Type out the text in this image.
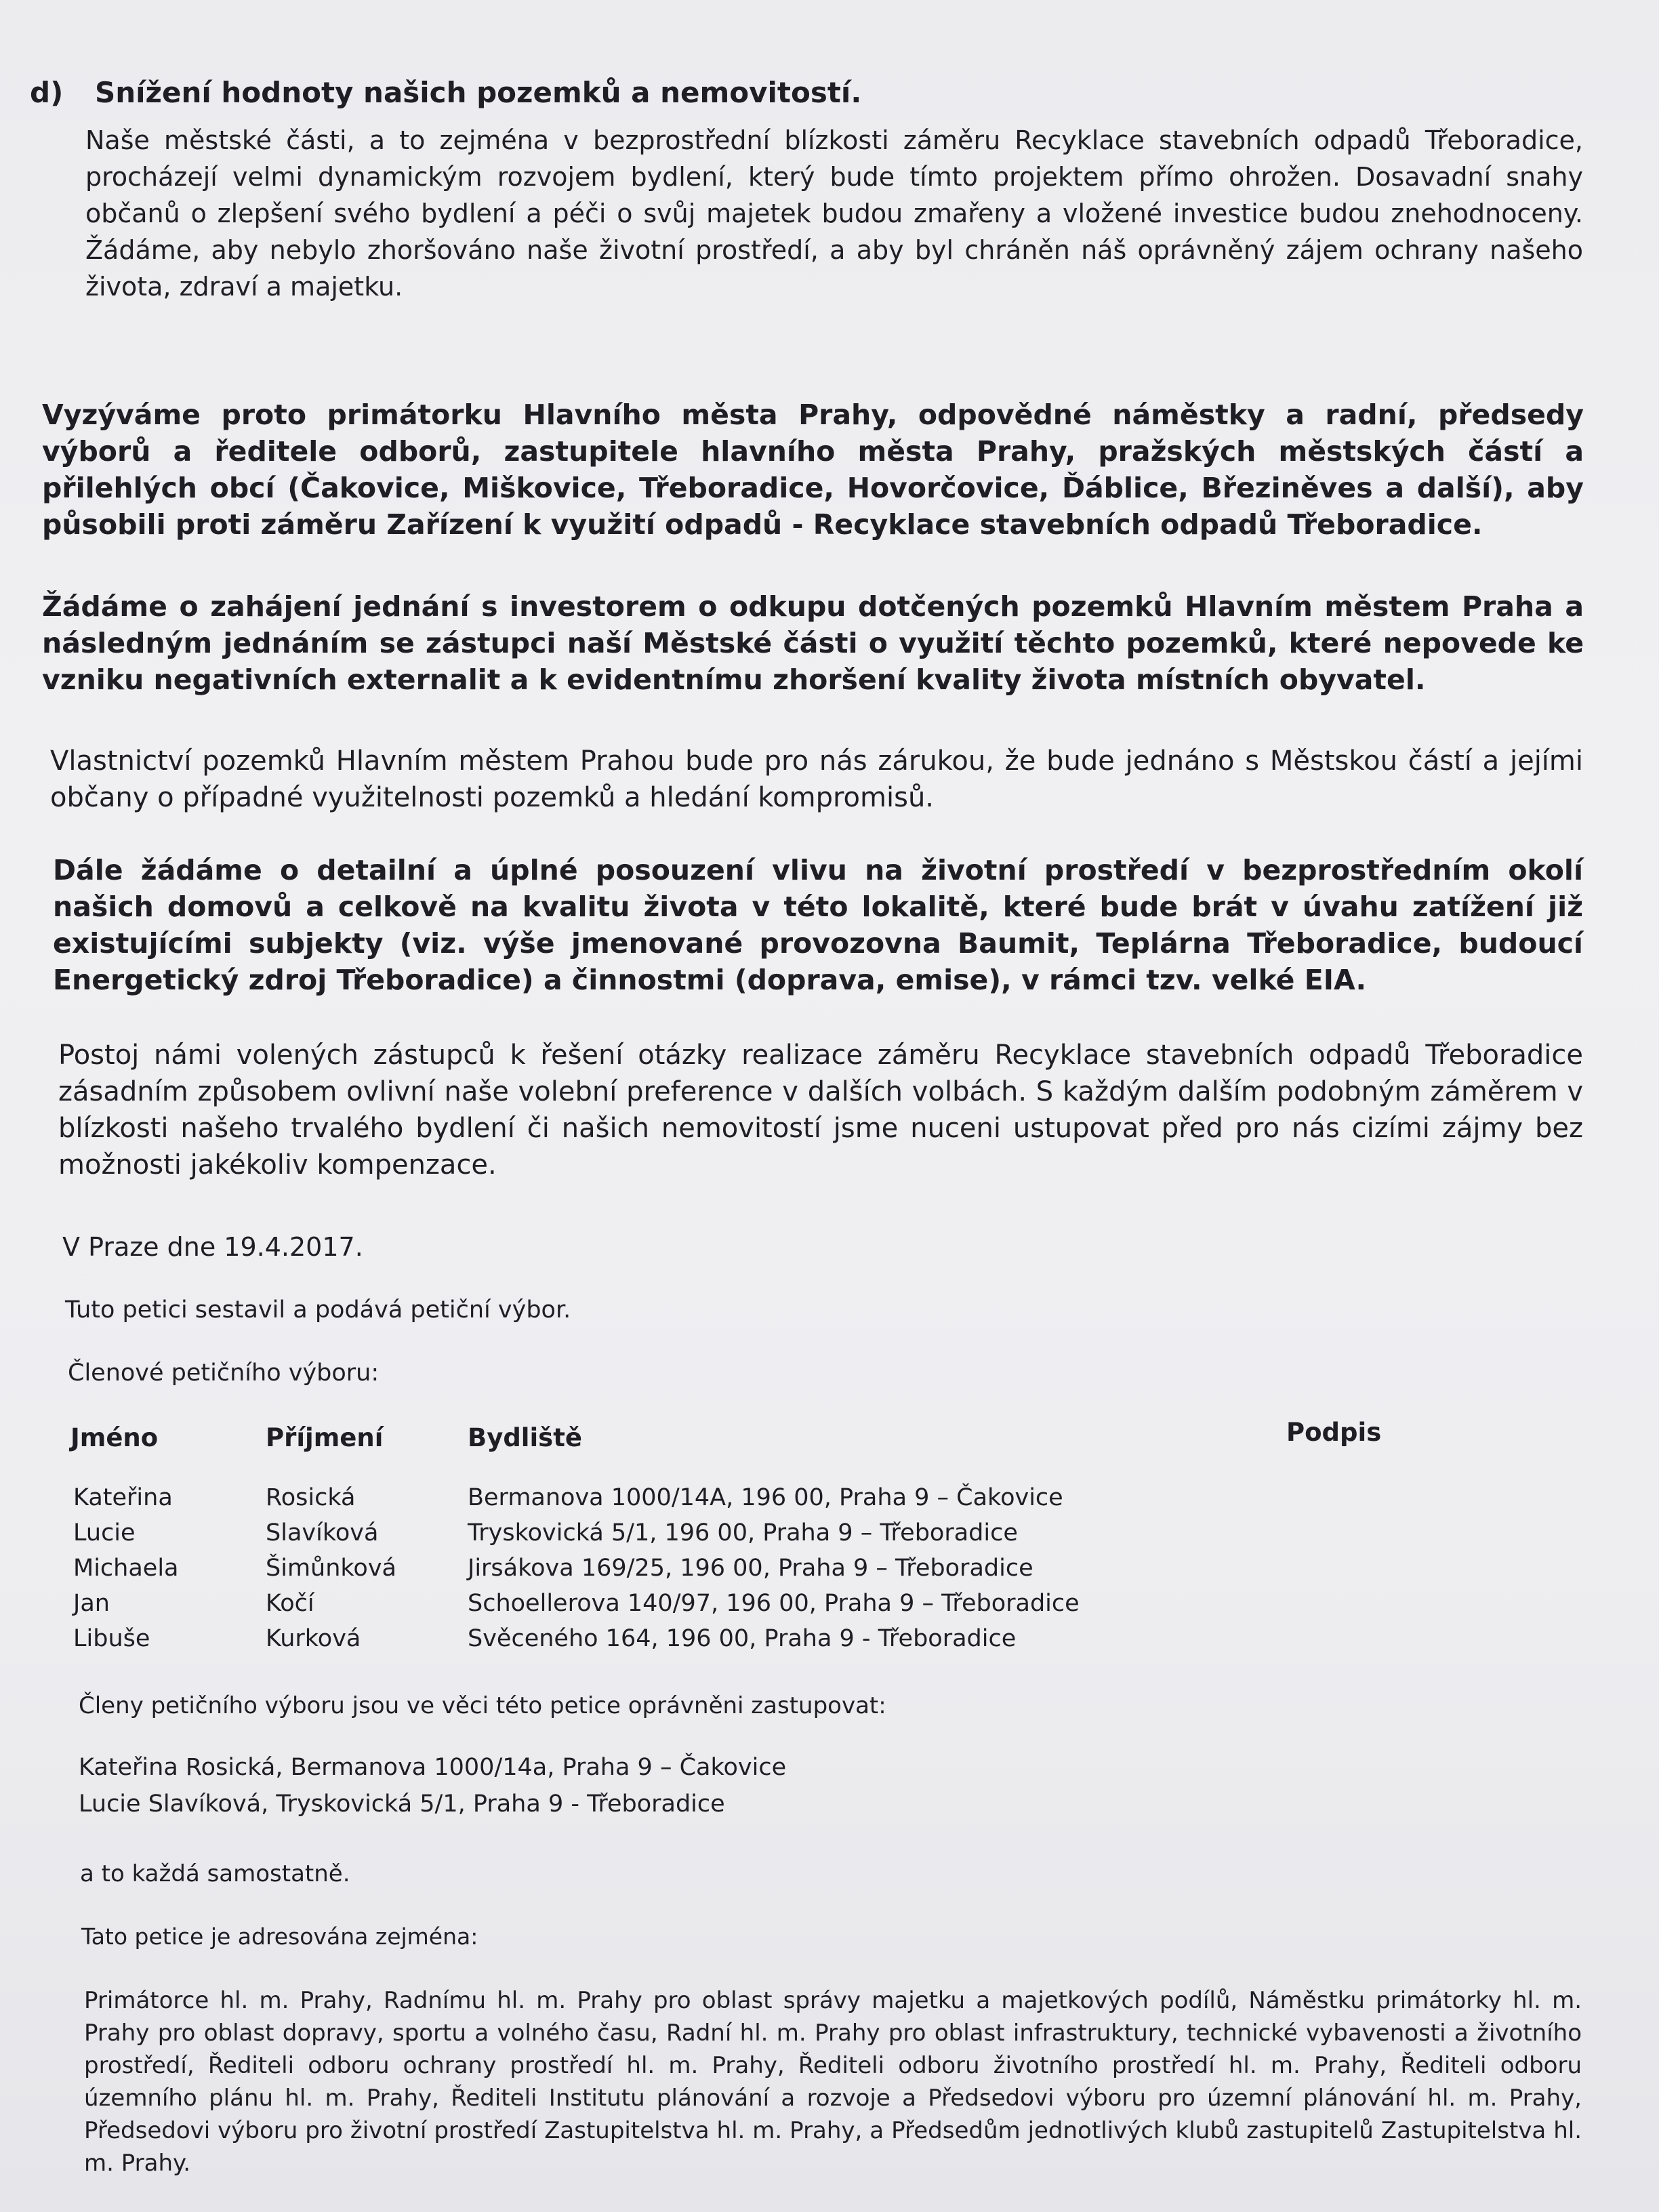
d) Snížení hodnoty našich pozemků a nemovitostí.

Naše městské části, a to zejména v bezprostřední blízkosti záměru Recyklace stavebních odpadů Třeboradice, procházejí velmi dynamickým rozvojem bydlení, který bude tímto projektem přímo ohrožen. Dosavadní snahy občanů o zlepšení svého bydlení a péči o svůj majetek budou zmařeny a vložené investice budou znehodnoceny. Žádáme, aby nebylo zhoršováno naše životní prostředí, a aby byl chráněn náš oprávněný zájem ochrany našeho života, zdraví a majetku.

Vyzýváme proto primátorku Hlavního města Prahy, odpovědné náměstky a radní, předsedy výborů a ředitele odborů, zastupitele hlavního města Prahy, pražských městských částí a přilehlých obcí (Čakovice, Miškovice, Třeboradice, Hovorčovice, Ďáblice, Březiněves a další), aby působili proti záměru Zařízení k využití odpadů - Recyklace stavebních odpadů Třeboradice.

Žádáme o zahájení jednání s investorem o odkupu dotčených pozemků Hlavním městem Praha a následným jednáním se zástupci naší Městské části o využití těchto pozemků, které nepovede ke vzniku negativních externalit a k evidentnímu zhoršení kvality života místních obyvatel.

Vlastnictví pozemků Hlavním městem Prahou bude pro nás zárukou, že bude jednáno s Městskou částí a jejími občany o případné využitelnosti pozemků a hledání kompromisů.

Dále žádáme o detailní a úplné posouzení vlivu na životní prostředí v bezprostředním okolí našich domovů a celkově na kvalitu života v této lokalitě, které bude brát v úvahu zatížení již existujícími subjekty (viz. výše jmenované provozovna Baumit, Teplárna Třeboradice, budoucí Energetický zdroj Třeboradice) a činnostmi (doprava, emise), v rámci tzv. velké EIA.

Postoj námi volených zástupců k řešení otázky realizace záměru Recyklace stavebních odpadů Třeboradice zásadním způsobem ovlivní naše volební preference v dalších volbách. S každým dalším podobným záměrem v blízkosti našeho trvalého bydlení či našich nemovitostí jsme nuceni ustupovat před pro nás cizími zájmy bez možnosti jakékoliv kompenzace.

V Praze dne 19.4.2017.

Tuto petici sestavil a podává petiční výbor.

Členové petičního výboru:

Jméno	Příjmení	Bydliště	Podpis
Kateřina	Rosická	Bermanova 1000/14A, 196 00, Praha 9 – Čakovice
Lucie	Slavíková	Tryskovická 5/1, 196 00, Praha 9 – Třeboradice
Michaela	Šimůnková	Jirsákova 169/25, 196 00, Praha 9 – Třeboradice
Jan	Kočí	Schoellerova 140/97, 196 00, Praha 9 – Třeboradice
Libuše	Kurková	Svěceného 164, 196 00, Praha 9 - Třeboradice

Členy petičního výboru jsou ve věci této petice oprávněni zastupovat:

Kateřina Rosická, Bermanova 1000/14a, Praha 9 – Čakovice

Lucie Slavíková, Tryskovická 5/1, Praha 9 - Třeboradice

a to každá samostatně.

Tato petice je adresována zejména:

Primátorce hl. m. Prahy, Radnímu hl. m. Prahy pro oblast správy majetku a majetkových podílů, Náměstku primátorky hl. m. Prahy pro oblast dopravy, sportu a volného času, Radní hl. m. Prahy pro oblast infrastruktury, technické vybavenosti a životního prostředí, Řediteli odboru ochrany prostředí hl. m. Prahy, Řediteli odboru životního prostředí hl. m. Prahy, Řediteli odboru územního plánu hl. m. Prahy, Řediteli Institutu plánování a rozvoje a Předsedovi výboru pro územní plánování hl. m. Prahy, Předsedovi výboru pro životní prostředí Zastupitelstva hl. m. Prahy, a Předsedům jednotlivých klubů zastupitelů Zastupitelstva hl. m. Prahy.
